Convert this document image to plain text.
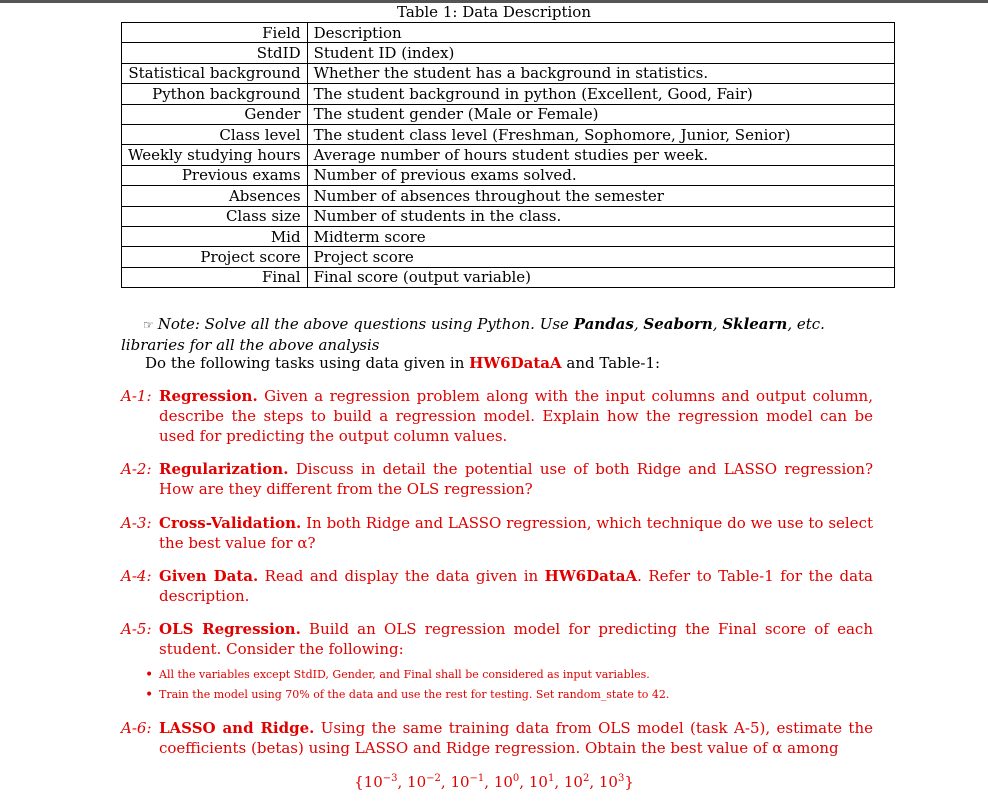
Table 1: Data Description
Field	Description
StdID	Student ID (index)
Statistical background	Whether the student has a background in statistics.
Python background	The student background in python (Excellent, Good, Fair)
Gender	The student gender (Male or Female)
Class level	The student class level (Freshman, Sophomore, Junior, Senior)
Weekly studying hours	Average number of hours student studies per week.
Previous exams	Number of previous exams solved.
Absences	Number of absences throughout the semester
Class size	Number of students in the class.
Mid	Midterm score
Project score	Project score
Final	Final score (output variable)
☞ Note: Solve all the above questions using Python. Use Pandas, Seaborn, Sklearn, etc. libraries for all the above analysis
Do the following tasks using data given in HW6DataA and Table-1:
A-1: Regression. Given a regression problem along with the input columns and output column, describe the steps to build a regression model. Explain how the regression model can be used for predicting the output column values.
A-2: Regularization. Discuss in detail the potential use of both Ridge and LASSO regression? How are they different from the OLS regression?
A-3: Cross-Validation. In both Ridge and LASSO regression, which technique do we use to select the best value for α?
A-4: Given Data. Read and display the data given in HW6DataA. Refer to Table-1 for the data description.
A-5: OLS Regression. Build an OLS regression model for predicting the Final score of each student. Consider the following:
• All the variables except StdID, Gender, and Final shall be considered as input variables.
• Train the model using 70% of the data and use the rest for testing. Set random_state to 42.
A-6: LASSO and Ridge. Using the same training data from OLS model (task A-5), estimate the coefficients (betas) using LASSO and Ridge regression. Obtain the best value of α among
{$10^{-3}$, $10^{-2}$, $10^{-1}$, $10^0$, $10^1$, $10^2$, $10^3$}
